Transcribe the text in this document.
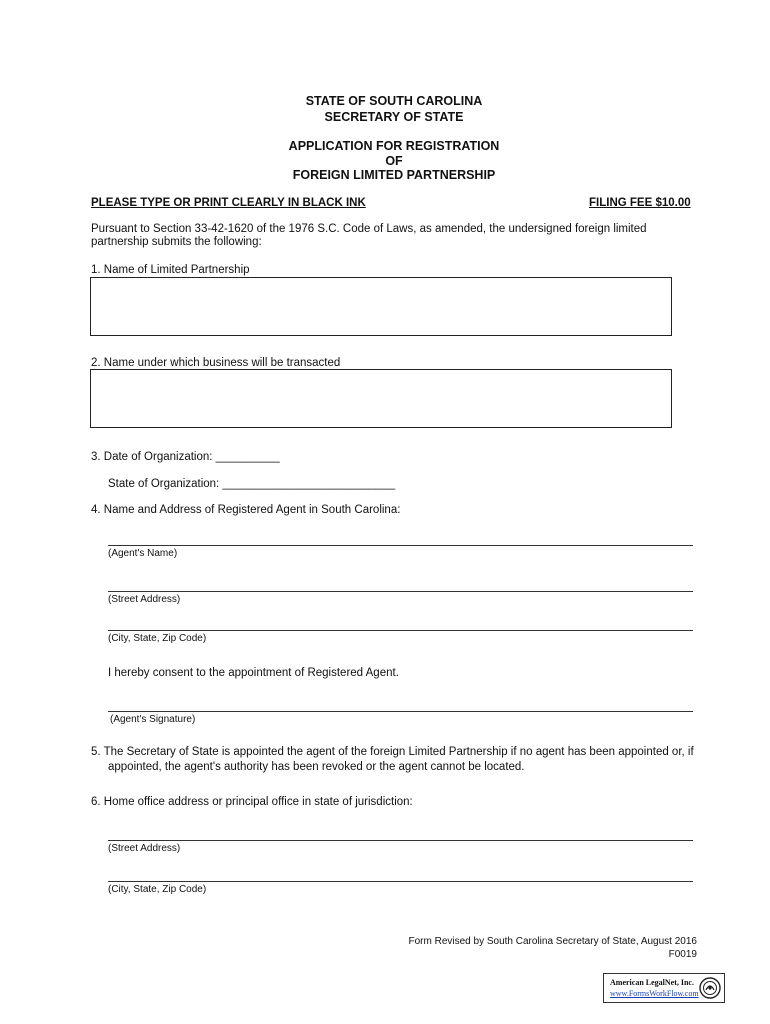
STATE OF SOUTH CAROLINA
SECRETARY OF STATE
APPLICATION FOR REGISTRATION
OF
FOREIGN LIMITED PARTNERSHIP
PLEASE TYPE OR PRINT CLEARLY IN BLACK INK	FILING FEE $10.00
Pursuant to Section 33-42-1620 of the 1976 S.C. Code of Laws, as amended, the undersigned foreign limited
partnership submits the following:
1. Name of Limited Partnership
2. Name under which business will be transacted
3. Date of Organization: __________
State of Organization: ___________________________
4. Name and Address of Registered Agent in South Carolina:
(Agent's Name)
(Street Address)
(City, State, Zip Code)
I hereby consent to the appointment of Registered Agent.
(Agent's Signature)
5. The Secretary of State is appointed the agent of the foreign Limited Partnership if no agent has been appointed or, if
appointed, the agent's authority has been revoked or the agent cannot be located.
6. Home office address or principal office in state of jurisdiction:
(Street Address)
(City, State, Zip Code)
Form Revised by South Carolina Secretary of State, August 2016
F0019
American LegalNet, Inc.
www.FormsWorkFlow.com
